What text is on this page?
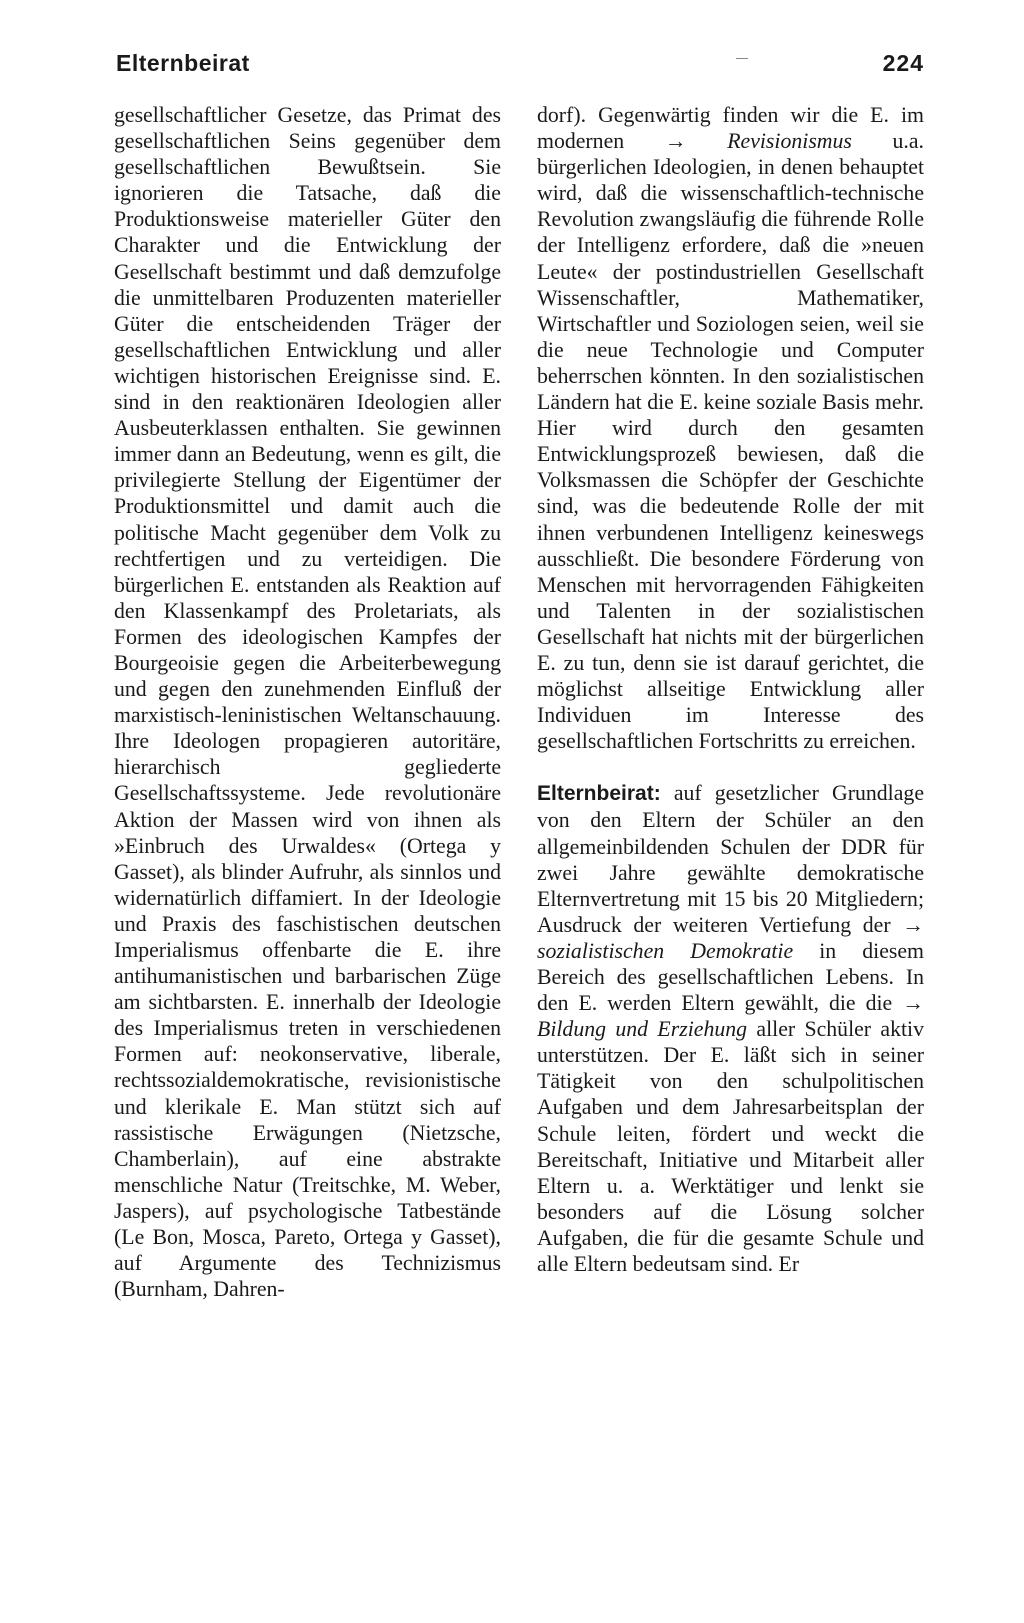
Elternbeirat	224

gesellschaftlicher Gesetze, das Primat des gesellschaftlichen Seins gegenüber dem gesellschaftlichen Bewußtsein. Sie ignorieren die Tatsache, daß die Produktionsweise materieller Güter den Charakter und die Entwicklung der Gesellschaft bestimmt und daß demzufolge die unmittelbaren Produzenten materieller Güter die entscheidenden Träger der gesellschaftlichen Entwicklung und aller wichtigen historischen Ereignisse sind. E. sind in den reaktionären Ideologien aller Ausbeuterklassen enthalten. Sie gewinnen immer dann an Bedeutung, wenn es gilt, die privilegierte Stellung der Eigentümer der Produktionsmittel und damit auch die politische Macht gegenüber dem Volk zu rechtfertigen und zu verteidigen. Die bürgerlichen E. entstanden als Reaktion auf den Klassenkampf des Proletariats, als Formen des ideologischen Kampfes der Bourgeoisie gegen die Arbeiterbewegung und gegen den zunehmenden Einfluß der marxistisch-leninistischen Weltanschauung. Ihre Ideologen propagieren autoritäre, hierarchisch gegliederte Gesellschaftssysteme. Jede revolutionäre Aktion der Massen wird von ihnen als »Einbruch des Urwaldes« (Ortega y Gasset), als blinder Aufruhr, als sinnlos und widernatürlich diffamiert. In der Ideologie und Praxis des faschistischen deutschen Imperialismus offenbarte die E. ihre antihumanistischen und barbarischen Züge am sichtbarsten. E. innerhalb der Ideologie des Imperialismus treten in verschiedenen Formen auf: neokonservative, liberale, rechtssozialdemokratische, revisionistische und klerikale E. Man stützt sich auf rassistische Erwägungen (Nietzsche, Chamberlain), auf eine abstrakte menschliche Natur (Treitschke, M. Weber, Jaspers), auf psychologische Tatbestände (Le Bon, Mosca, Pareto, Ortega y Gasset), auf Argumente des Technizismus (Burnham, Dahren-

dorf). Gegenwärtig finden wir die E. im modernen → Revisionismus u.a. bürgerlichen Ideologien, in denen behauptet wird, daß die wissenschaftlich-technische Revolution zwangsläufig die führende Rolle der Intelligenz erfordere, daß die »neuen Leute« der postindustriellen Gesellschaft Wissenschaftler, Mathematiker, Wirtschaftler und Soziologen seien, weil sie die neue Technologie und Computer beherrschen könnten. In den sozialistischen Ländern hat die E. keine soziale Basis mehr. Hier wird durch den gesamten Entwicklungsprozeß bewiesen, daß die Volksmassen die Schöpfer der Geschichte sind, was die bedeutende Rolle der mit ihnen verbundenen Intelligenz keineswegs ausschließt. Die besondere Förderung von Menschen mit hervorragenden Fähigkeiten und Talenten in der sozialistischen Gesellschaft hat nichts mit der bürgerlichen E. zu tun, denn sie ist darauf gerichtet, die möglichst allseitige Entwicklung aller Individuen im Interesse des gesellschaftlichen Fortschritts zu erreichen.

Elternbeirat: auf gesetzlicher Grundlage von den Eltern der Schüler an den allgemeinbildenden Schulen der DDR für zwei Jahre gewählte demokratische Elternvertretung mit 15 bis 20 Mitgliedern; Ausdruck der weiteren Vertiefung der → sozialistischen Demokratie in diesem Bereich des gesellschaftlichen Lebens. In den E. werden Eltern gewählt, die die → Bildung und Erziehung aller Schüler aktiv unterstützen. Der E. läßt sich in seiner Tätigkeit von den schulpolitischen Aufgaben und dem Jahresarbeitsplan der Schule leiten, fördert und weckt die Bereitschaft, Initiative und Mitarbeit aller Eltern u. a. Werktätiger und lenkt sie besonders auf die Lösung solcher Aufgaben, die für die gesamte Schule und alle Eltern bedeutsam sind. Er
